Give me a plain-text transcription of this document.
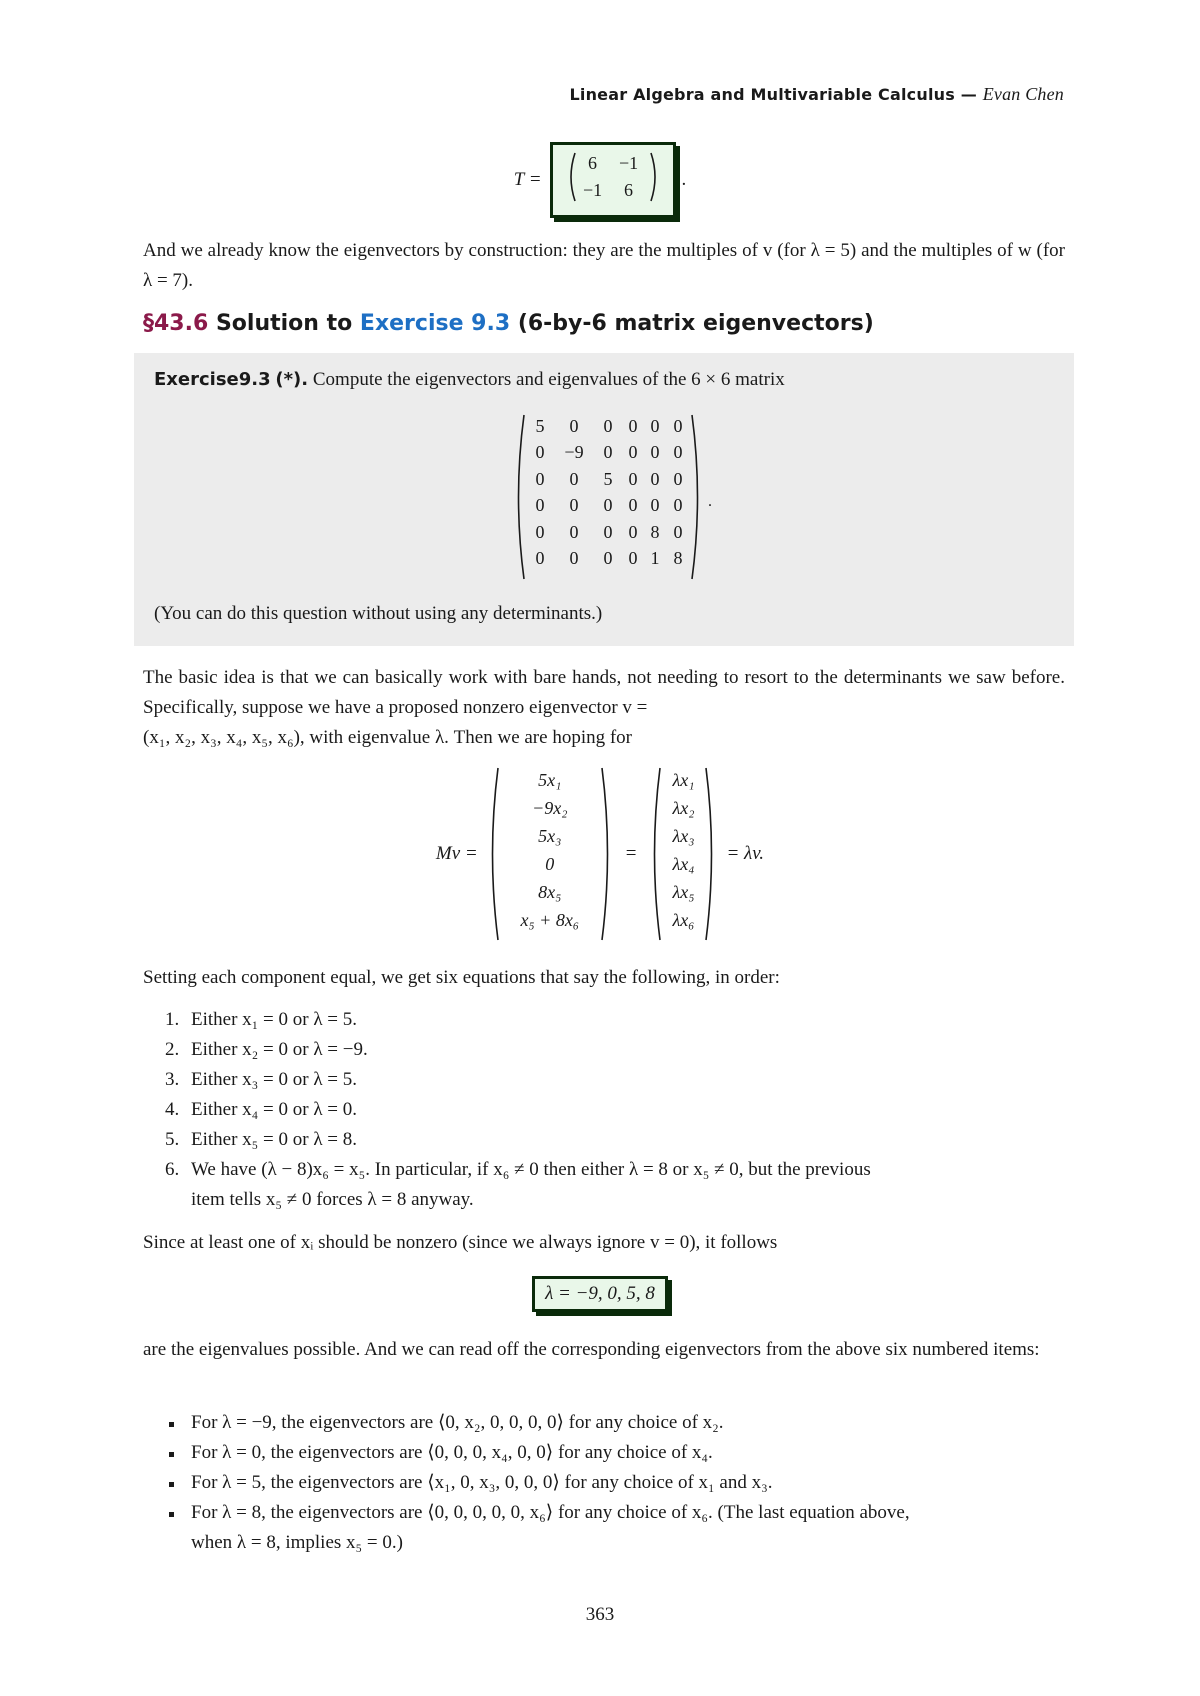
Linear Algebra and Multivariable Calculus — Evan Chen
T =
6 −1
−1 6	.
And we already know the eigenvectors by construction: they are the multiples of v (for λ = 5) and the multiples of w (for λ = 7).
§43.6 Solution to Exercise 9.3 (6-by-6 matrix eigenvectors)
Exercise9.3 (*). Compute the eigenvectors and eigenvalues of the 6 × 6 matrix
5 0 0 0 0 0
0 −9 0 0 0 0
0 0 5 0 0 0
0 0 0 0 0 0
0 0 0 0 8 0
0 0 0 0 1 8
.
(You can do this question without using any determinants.)
The basic idea is that we can basically work with bare hands, not needing to resort to the determinants we saw before. Specifically, suppose we have a proposed nonzero eigenvector v =
(x₁, x₂, x₃, x₄, x₅, x₆), with eigenvalue λ. Then we are hoping for
Mv =
5x₁
−9x₂
5x₃
0
8x₅
x₅ + 8x₆
=
λx₁
λx₂
λx₃
λx₄
λx₅
λx₆
= λv.
Setting each component equal, we get six equations that say the following, in order:
1. Either x₁ = 0 or λ = 5.
2. Either x₂ = 0 or λ = −9.
3. Either x₃ = 0 or λ = 5.
4. Either x₄ = 0 or λ = 0.
5. Either x₅ = 0 or λ = 8.
6. We have (λ − 8)x₆ = x₅. In particular, if x₆ ≠ 0 then either λ = 8 or x₅ ≠ 0, but the previous
item tells x₅ ≠ 0 forces λ = 8 anyway.
Since at least one of xᵢ should be nonzero (since we always ignore v = 0), it follows
λ = −9, 0, 5, 8
are the eigenvalues possible. And we can read off the corresponding eigenvectors from the above six numbered items:
For λ = −9, the eigenvectors are ⟨0, x₂, 0, 0, 0, 0⟩ for any choice of x₂.
For λ = 0, the eigenvectors are ⟨0, 0, 0, x₄, 0, 0⟩ for any choice of x₄.
For λ = 5, the eigenvectors are ⟨x₁, 0, x₃, 0, 0, 0⟩ for any choice of x₁ and x₃.
For λ = 8, the eigenvectors are ⟨0, 0, 0, 0, 0, x₆⟩ for any choice of x₆. (The last equation above,
when λ = 8, implies x₅ = 0.)
363
